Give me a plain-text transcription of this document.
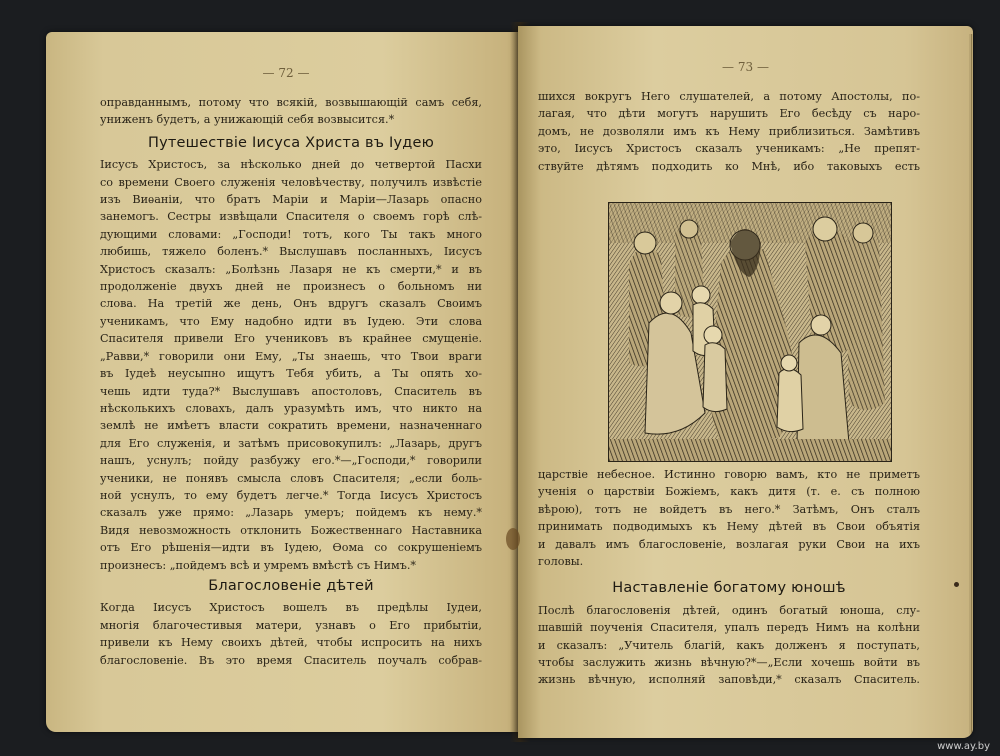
— 72 —
оправданнымъ, потому что всякій, возвышающій самъ себя,
униженъ будетъ, а унижающій себя возвысится.*
Путешествіе Іисуса Христа въ Іудею
Іисусъ Христосъ, за нѣсколько дней до четвертой Пасхи
со времени Своего служенія человѣчеству, получилъ извѣстіе
изъ Виѳаніи, что братъ Маріи и Маріи—Лазарь опасно
занемогъ. Сестры извѣщали Спасителя о своемъ горѣ слѣ-
дующими словами: „Господи! тотъ, кого Ты такъ много
любишь, тяжело боленъ.* Выслушавъ посланныхъ, Іисусъ
Христосъ сказалъ: „Болѣзнь Лазаря не къ смерти,* и въ
продолженіе двухъ дней не произнесъ о больномъ ни
слова. На третій же день, Онъ вдругъ сказалъ Своимъ
ученикамъ, что Ему надобно идти въ Іудею. Эти слова
Спасителя привели Его учениковъ въ крайнее смущеніе.
„Равви,* говорили они Ему, „Ты знаешь, что Твои враги
въ Іудеѣ неусыпно ищутъ Тебя убить, а Ты опять хо-
чешь идти туда?* Выслушавъ апостоловъ, Спаситель въ
нѣсколькихъ словахъ, далъ уразумѣть имъ, что никто на
землѣ не имѣетъ власти сократить времени, назначеннаго
для Его служенія, и затѣмъ присовокупилъ: „Лазарь, другъ
нашъ, уснулъ; пойду разбужу его.*—„Господи,* говорили
ученики, не понявъ смысла словъ Спасителя; „если боль-
ной уснулъ, то ему будетъ легче.* Тогда Іисусъ Христосъ
сказалъ уже прямо: „Лазарь умеръ; пойдемъ къ нему.*
Видя невозможность отклонить Божественнаго Наставника
отъ Его рѣшенія—идти въ Іудею, Ѳома со сокрушеніемъ
произнесъ: „пойдемъ всѣ и умремъ вмѣстѣ съ Нимъ.*
Благословеніе дѣтей
Когда Іисусъ Христосъ вошелъ въ предѣлы Іудеи,
многія благочестивыя матери, узнавъ о Его прибытіи,
привели къ Нему своихъ дѣтей, чтобы испросить на нихъ
благословеніе. Въ это время Спаситель поучалъ собрав-
— 73 —
шихся вокругъ Него слушателей, а потому Апостолы, по-
лагая, что дѣти могутъ нарушить Его бесѣду съ наро-
домъ, не дозволяли имъ къ Нему приблизиться. Замѣтивъ
это, Іисусъ Христосъ сказалъ ученикамъ: „Не препят-
ствуйте дѣтямъ подходить ко Мнѣ, ибо таковыхъ есть
царствіе небесное. Истинно говорю вамъ, кто не приметъ
ученія о царствіи Божіемъ, какъ дитя (т. е. съ полною
вѣрою), тотъ не войдетъ въ него.* Затѣмъ, Онъ сталъ
принимать подводимыхъ къ Нему дѣтей въ Свои объятія
и давалъ имъ благословеніе, возлагая руки Свои на ихъ
головы.
Наставленіе богатому юношѣ
Послѣ благословенія дѣтей, одинъ богатый юноша, слу-
шавшій поученія Спасителя, упалъ передъ Нимъ на колѣни
и сказалъ: „Учитель благій, какъ долженъ я поступать,
чтобы заслужить жизнь вѣчную?*—„Если хочешь войти въ
жизнь вѣчную, исполняй заповѣди,* сказалъ Спаситель.
www.ay.by
